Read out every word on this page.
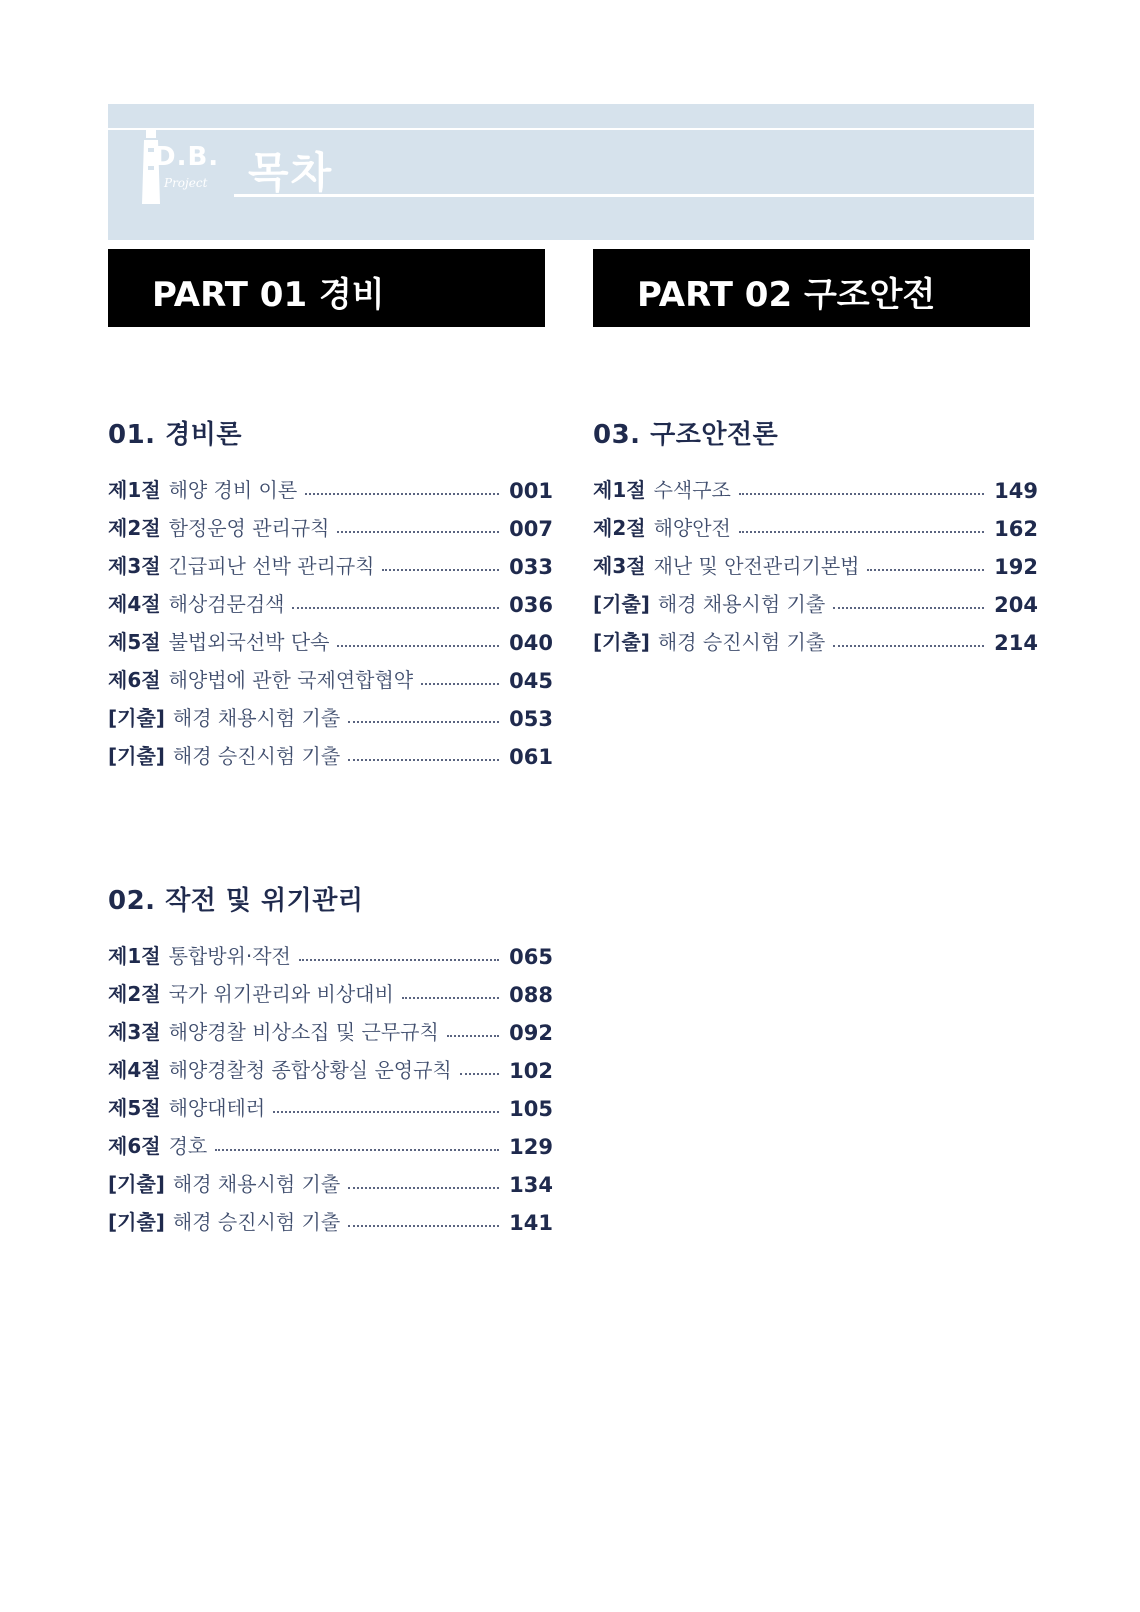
D.B.
Project 목차
PART 01 경비	PART 02 구조안전
01. 경비론
제1절 해양 경비 이론	001
제2절 함정운영 관리규칙	007
제3절 긴급피난 선박 관리규칙	033
제4절 해상검문검색	036
제5절 불법외국선박 단속	040
제6절 해양법에 관한 국제연합협약	045
[기출] 해경 채용시험 기출	053
[기출] 해경 승진시험 기출	061
02. 작전 및 위기관리
제1절 통합방위·작전	065
제2절 국가 위기관리와 비상대비	088
제3절 해양경찰 비상소집 및 근무규칙	092
제4절 해양경찰청 종합상황실 운영규칙	102
제5절 해양대테러	105
제6절 경호	129
[기출] 해경 채용시험 기출	134
[기출] 해경 승진시험 기출	141
03. 구조안전론
제1절 수색구조	149
제2절 해양안전	162
제3절 재난 및 안전관리기본법	192
[기출] 해경 채용시험 기출	204
[기출] 해경 승진시험 기출	214
